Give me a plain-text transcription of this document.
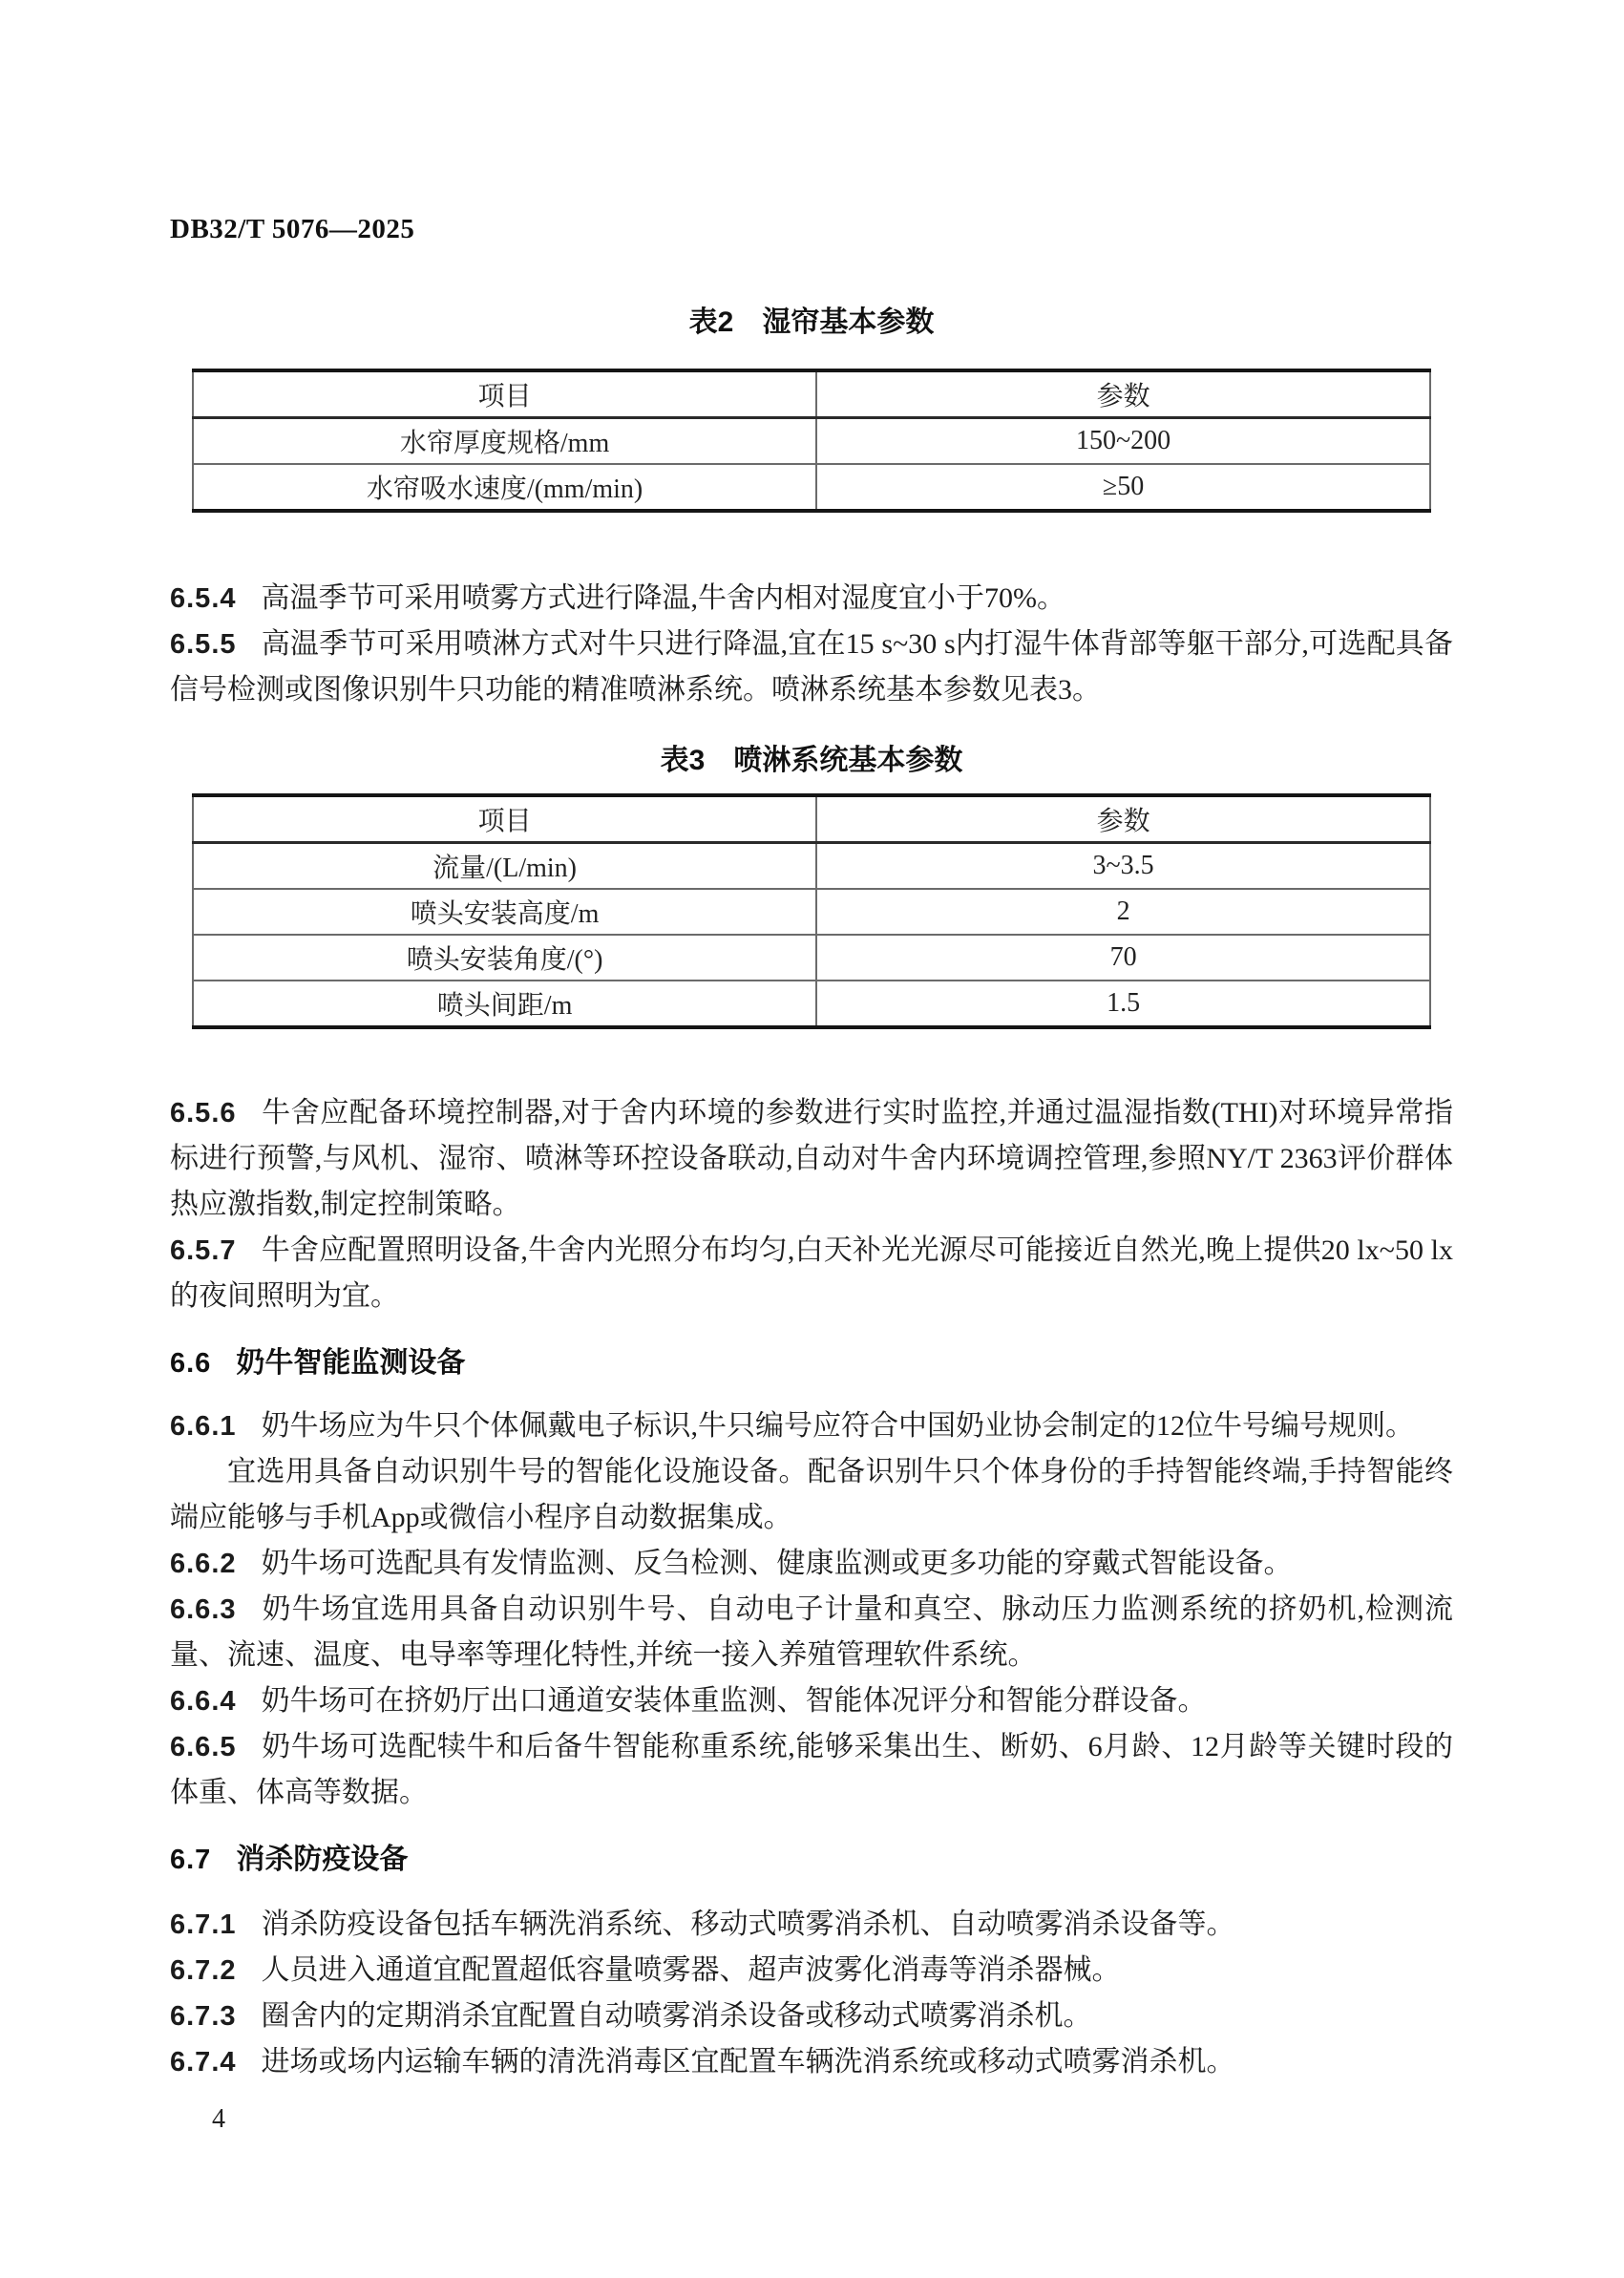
DB32/T 5076—2025
表2 湿帘基本参数
项目	参数
水帘厚度规格/mm	150~200
水帘吸水速度/(mm/min)	≥50

6.5.4 高温季节可采用喷雾方式进行降温,牛舍内相对湿度宜小于70%。

6.5.5 高温季节可采用喷淋方式对牛只进行降温,宜在15 s~30 s内打湿牛体背部等躯干部分,可选配具备信号检测或图像识别牛只功能的精准喷淋系统。喷淋系统基本参数见表3。

表3 喷淋系统基本参数
项目	参数
流量/(L/min)	3~3.5
喷头安装高度/m	2
喷头安装角度/(°)	70
喷头间距/m	1.5

6.5.6 牛舍应配备环境控制器,对于舍内环境的参数进行实时监控,并通过温湿指数(THI)对环境异常指标进行预警,与风机、湿帘、喷淋等环控设备联动,自动对牛舍内环境调控管理,参照NY/T 2363评价群体热应激指数,制定控制策略。

6.5.7 牛舍应配置照明设备,牛舍内光照分布均匀,白天补光光源尽可能接近自然光,晚上提供20 lx~50 lx的夜间照明为宜。

6.6 奶牛智能监测设备

6.6.1 奶牛场应为牛只个体佩戴电子标识,牛只编号应符合中国奶业协会制定的12位牛号编号规则。

宜选用具备自动识别牛号的智能化设施设备。配备识别牛只个体身份的手持智能终端,手持智能终端应能够与手机App或微信小程序自动数据集成。

6.6.2 奶牛场可选配具有发情监测、反刍检测、健康监测或更多功能的穿戴式智能设备。

6.6.3 奶牛场宜选用具备自动识别牛号、自动电子计量和真空、脉动压力监测系统的挤奶机,检测流量、流速、温度、电导率等理化特性,并统一接入养殖管理软件系统。

6.6.4 奶牛场可在挤奶厅出口通道安装体重监测、智能体况评分和智能分群设备。

6.6.5 奶牛场可选配犊牛和后备牛智能称重系统,能够采集出生、断奶、6月龄、12月龄等关键时段的体重、体高等数据。

6.7 消杀防疫设备

6.7.1 消杀防疫设备包括车辆洗消系统、移动式喷雾消杀机、自动喷雾消杀设备等。

6.7.2 人员进入通道宜配置超低容量喷雾器、超声波雾化消毒等消杀器械。

6.7.3 圈舍内的定期消杀宜配置自动喷雾消杀设备或移动式喷雾消杀机。

6.7.4 进场或场内运输车辆的清洗消毒区宜配置车辆洗消系统或移动式喷雾消杀机。

4
